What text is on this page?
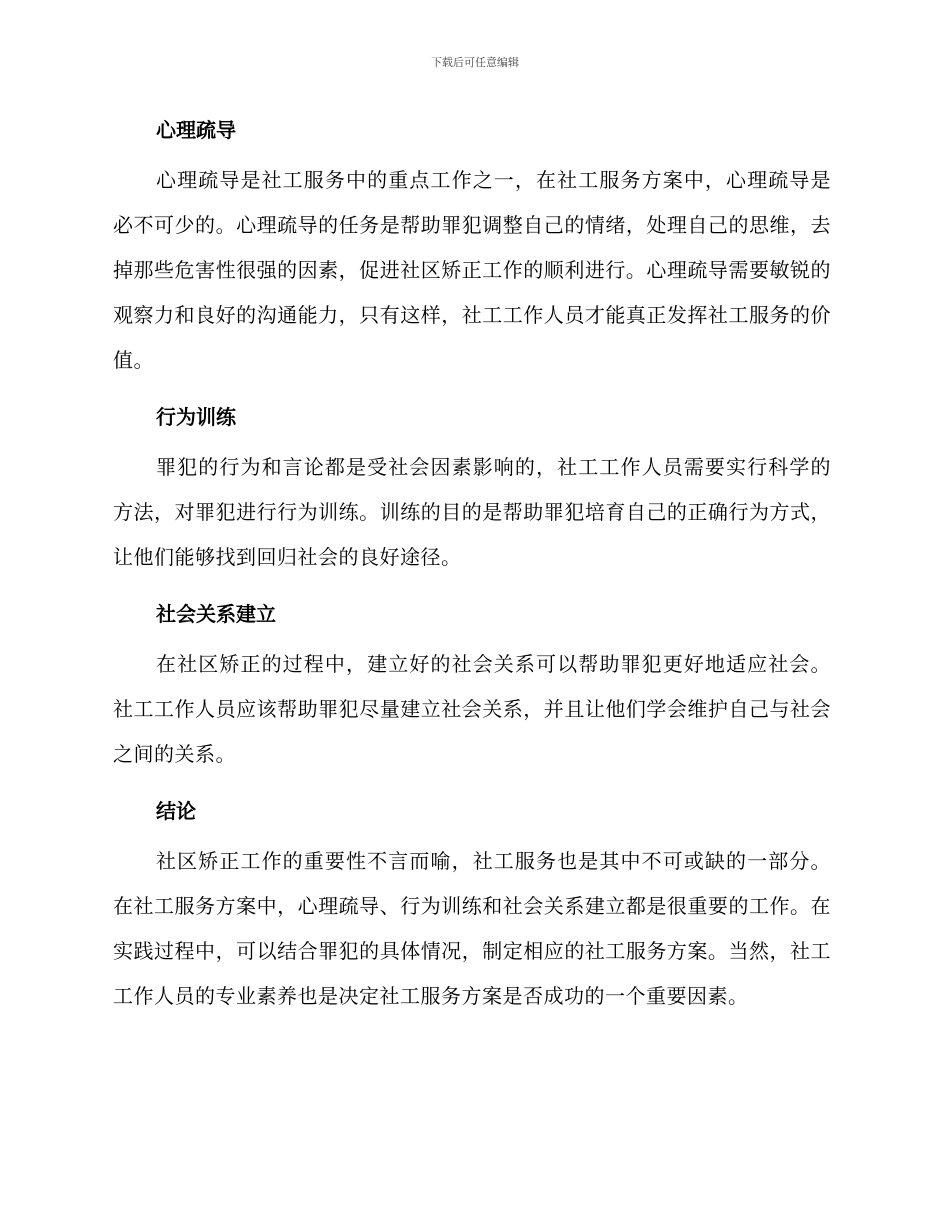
下载后可任意编辑
心理疏导

心理疏导是社工服务中的重点工作之一，在社工服务方案中，心理疏导是必不可少的。心理疏导的任务是帮助罪犯调整自己的情绪，处理自己的思维，去掉那些危害性很强的因素，促进社区矫正工作的顺利进行。心理疏导需要敏锐的观察力和良好的沟通能力，只有这样，社工工作人员才能真正发挥社工服务的价值。

行为训练

罪犯的行为和言论都是受社会因素影响的，社工工作人员需要实行科学的方法，对罪犯进行行为训练。训练的目的是帮助罪犯培育自己的正确行为方式，让他们能够找到回归社会的良好途径。

社会关系建立

在社区矫正的过程中，建立好的社会关系可以帮助罪犯更好地适应社会。社工工作人员应该帮助罪犯尽量建立社会关系，并且让他们学会维护自己与社会之间的关系。

结论

社区矫正工作的重要性不言而喻，社工服务也是其中不可或缺的一部分。在社工服务方案中，心理疏导、行为训练和社会关系建立都是很重要的工作。在实践过程中，可以结合罪犯的具体情况，制定相应的社工服务方案。当然，社工工作人员的专业素养也是决定社工服务方案是否成功的一个重要因素。
